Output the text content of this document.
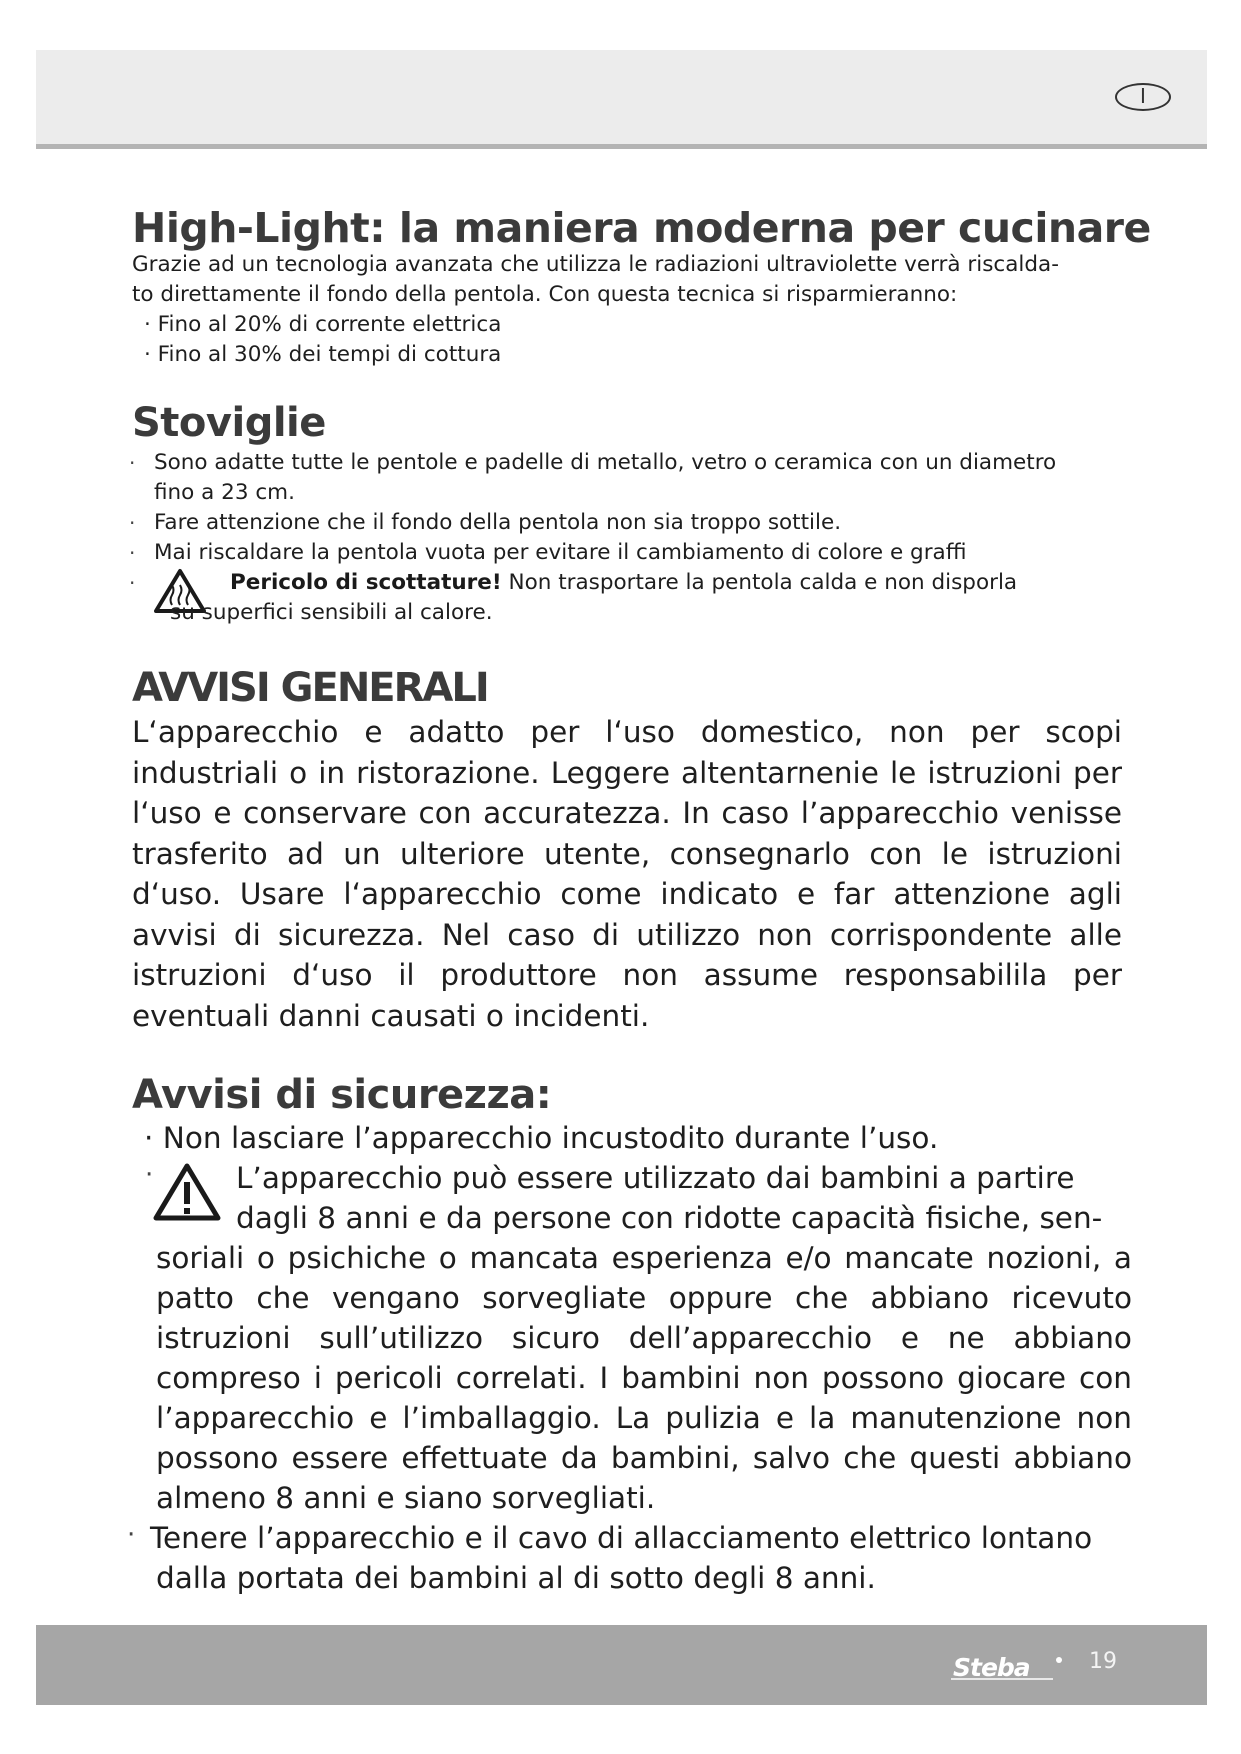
I
High-Light: la maniera moderna per cucinare
Grazie ad un tecnologia avanzata che utilizza le radiazioni ultraviolette verrà riscalda-
to direttamente il fondo della pentola. Con questa tecnica si risparmieranno:
· Fino al 20% di corrente elettrica
· Fino al 30% dei tempi di cottura
Stoviglie
· Sono adatte tutte le pentole e padelle di metallo, vetro o ceramica con un diametro
fino a 23 cm.
· Fare attenzione che il fondo della pentola non sia troppo sottile.
· Mai riscaldare la pentola vuota per evitare il cambiamento di colore e graffi
·	Pericolo di scottature! Non trasportare la pentola calda e non disporla
su superfici sensibili al calore.
AVVISI GENERALI
L‘apparecchio e adatto per l‘uso domestico, non per scopi industriali o in ristorazione. Leggere altentarnenie le istruzioni per l‘uso e conservare con accuratezza. In caso l’apparecchio venisse trasferito ad un ulteriore utente, consegnarlo con le istruzioni d‘uso. Usare l‘apparecchio come indicato e far attenzione agli avvisi di sicurezza. Nel caso di utilizzo non corrispondente alle istruzioni d‘uso il produttore non assume responsabilila per eventuali danni causati o incidenti.
Avvisi di sicurezza:
· Non lasciare l’apparecchio incustodito durante l’uso.
·	L’apparecchio può essere utilizzato dai bambini a partire
dagli 8 anni e da persone con ridotte capacità fisiche, sen-
soriali o psichiche o mancata esperienza e/o mancate nozioni, a patto che vengano sorvegliate oppure che abbiano ricevuto istruzioni sull’utilizzo sicuro dell’apparecchio e ne abbiano compreso i pericoli correlati. I bambini non possono giocare con l’apparecchio e l’imballaggio. La pulizia e la manutenzione non possono essere effettuate da bambini, salvo che questi abbiano almeno 8 anni e siano sorvegliati.
· Tenere l’apparecchio e il cavo di allacciamento elettrico lontano
dalla portata dei bambini al di sotto degli 8 anni.
Steba	19
